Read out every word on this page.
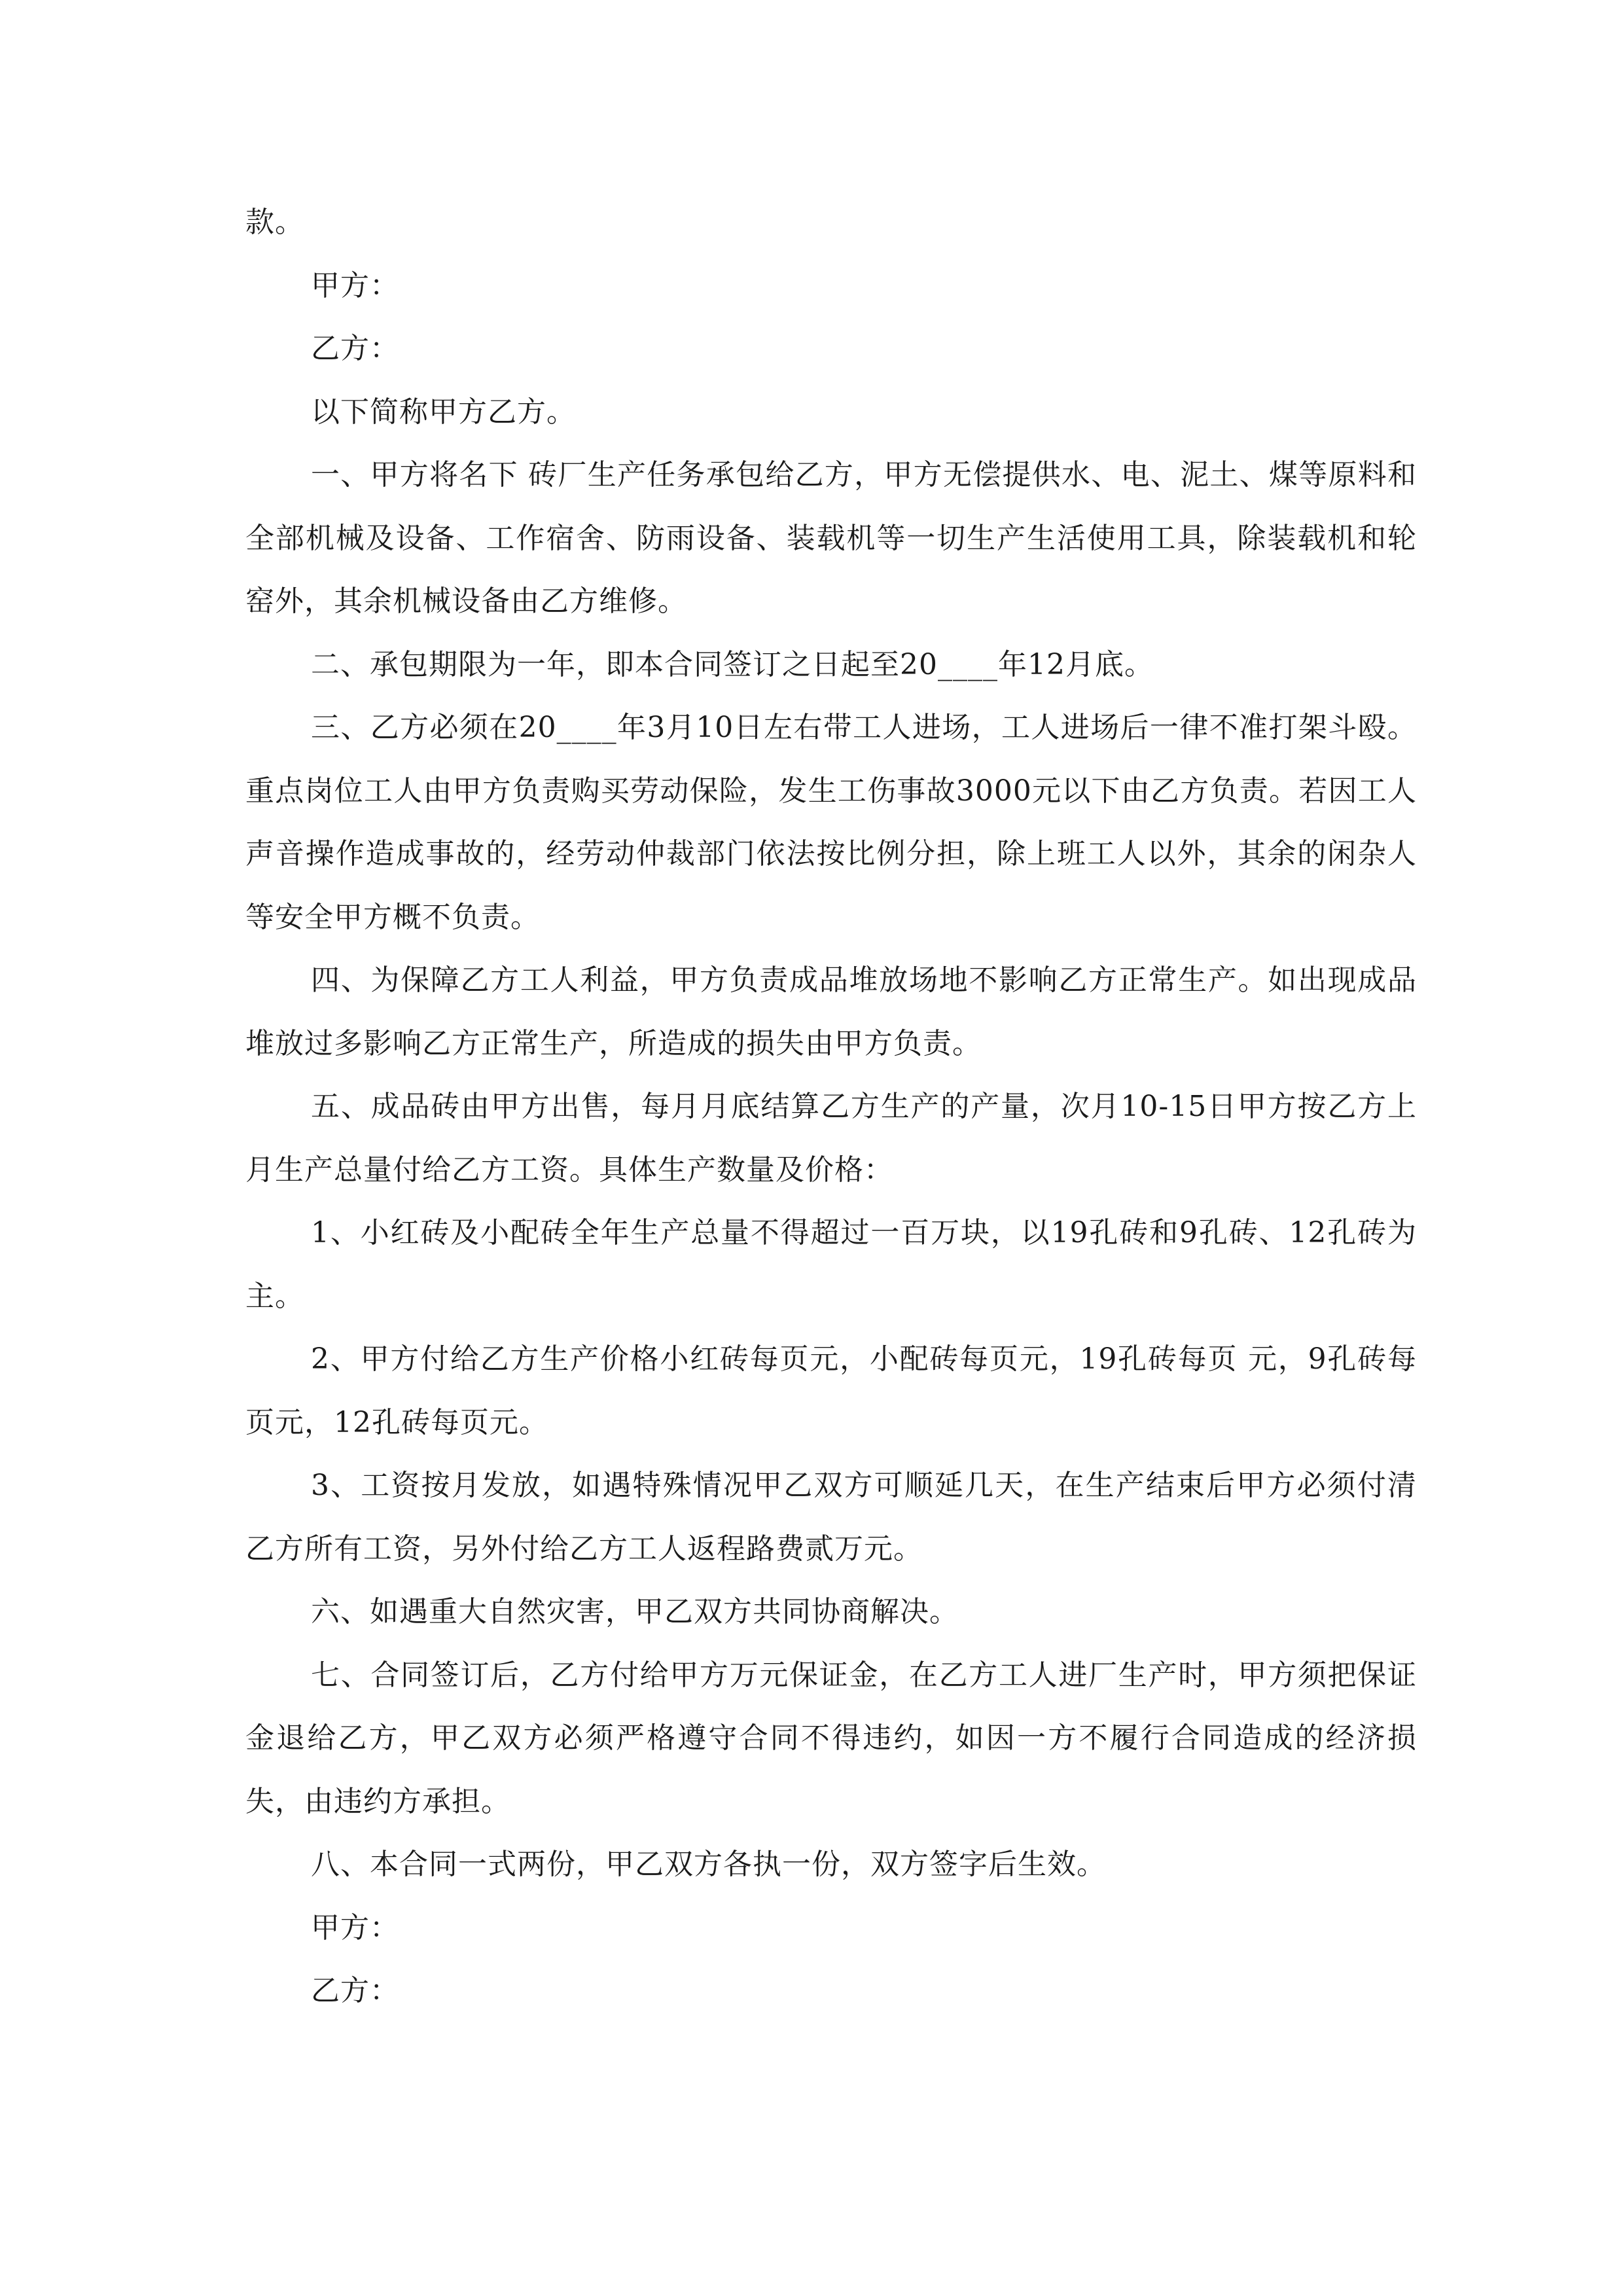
款。

甲方：

乙方：

以下简称甲方乙方。

一、甲方将名下 砖厂生产任务承包给乙方，甲方无偿提供水、电、泥土、煤等原料和全部机械及设备、工作宿舍、防雨设备、装载机等一切生产生活使用工具，除装载机和轮窑外，其余机械设备由乙方维修。

二、承包期限为一年，即本合同签订之日起至20____年12月底。

三、乙方必须在20____年3月10日左右带工人进场，工人进场后一律不准打架斗殴。重点岗位工人由甲方负责购买劳动保险，发生工伤事故3000元以下由乙方负责。若因工人声音操作造成事故的，经劳动仲裁部门依法按比例分担，除上班工人以外，其余的闲杂人等安全甲方概不负责。

四、为保障乙方工人利益，甲方负责成品堆放场地不影响乙方正常生产。如出现成品堆放过多影响乙方正常生产，所造成的损失由甲方负责。

五、成品砖由甲方出售，每月月底结算乙方生产的产量，次月10-15日甲方按乙方上月生产总量付给乙方工资。具体生产数量及价格：

1、小红砖及小配砖全年生产总量不得超过一百万块，以19孔砖和9孔砖、12孔砖为主。

2、甲方付给乙方生产价格小红砖每页元，小配砖每页元，19孔砖每页 元，9孔砖每页元，12孔砖每页元。

3、工资按月发放，如遇特殊情况甲乙双方可顺延几天，在生产结束后甲方必须付清乙方所有工资，另外付给乙方工人返程路费贰万元。

六、如遇重大自然灾害，甲乙双方共同协商解决。

七、合同签订后，乙方付给甲方万元保证金，在乙方工人进厂生产时，甲方须把保证金退给乙方，甲乙双方必须严格遵守合同不得违约，如因一方不履行合同造成的经济损失，由违约方承担。

八、本合同一式两份，甲乙双方各执一份，双方签字后生效。

甲方：

乙方：
